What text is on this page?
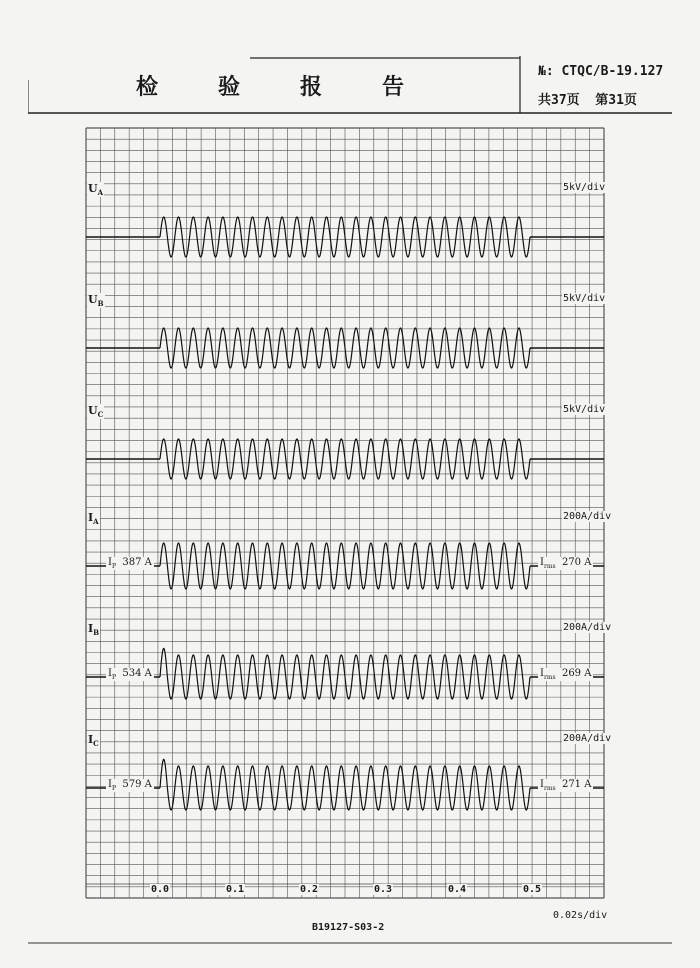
检	验	报	告
№: CTQC/B-19.127
共37页  第31页
$U_A$	5kV/div
$U_B$	5kV/div
$U_C$	5kV/div
$I_A$	200A/div
$I_P$  387 A	$I_{rms}$  270 A
$I_B$	200A/div
$I_P$  534 A	$I_{rms}$  269 A
$I_C$	200A/div
$I_P$  579 A	$I_{rms}$  271 A
0.0	0.1	0.2	0.3	0.4	0.5
0.02s/div
B19127-S03-2
